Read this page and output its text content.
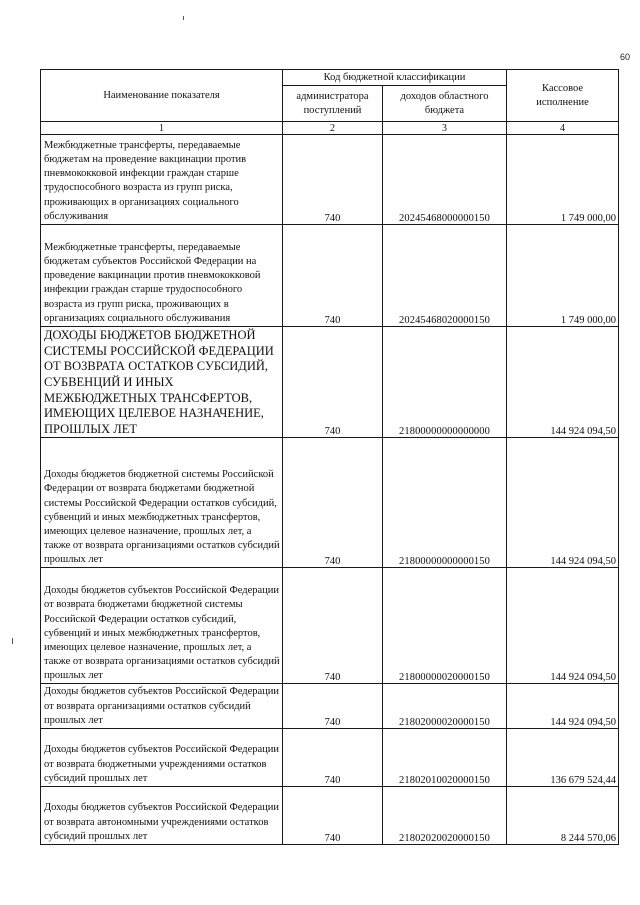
60
Наименование показателя	Код бюджетной классификации		Кассовое исполнение
	администратора поступлений	доходов областного бюджета	
1	2	3	4
Межбюджетные трансферты, передаваемые бюджетам на проведение вакцинации против пневмококковой инфекции граждан старше трудоспособного возраста из групп риска, проживающих в организациях социального обслуживания	740	20245468000000150	1 749 000,00
Межбюджетные трансферты, передаваемые бюджетам субъектов Российской Федерации на проведение вакцинации против пневмококковой инфекции граждан старше трудоспособного возраста из групп риска, проживающих в организациях социального обслуживания	740	20245468020000150	1 749 000,00
ДОХОДЫ БЮДЖЕТОВ БЮДЖЕТНОЙ СИСТЕМЫ РОССИЙСКОЙ ФЕДЕРАЦИИ ОТ ВОЗВРАТА ОСТАТКОВ СУБСИДИЙ, СУБВЕНЦИЙ И ИНЫХ МЕЖБЮДЖЕТНЫХ ТРАНСФЕРТОВ, ИМЕЮЩИХ ЦЕЛЕВОЕ НАЗНАЧЕНИЕ, ПРОШЛЫХ ЛЕТ	740	21800000000000000	144 924 094,50
Доходы бюджетов бюджетной системы Российской Федерации от возврата бюджетами бюджетной системы Российской Федерации остатков субсидий, субвенций и иных межбюджетных трансфертов, имеющих целевое назначение, прошлых лет, а также от возврата организациями остатков субсидий прошлых лет	740	21800000000000150	144 924 094,50
Доходы бюджетов субъектов Российской Федерации от возврата бюджетами бюджетной системы Российской Федерации остатков субсидий, субвенций и иных межбюджетных трансфертов, имеющих целевое назначение, прошлых лет, а также от возврата организациями остатков субсидий прошлых лет	740	21800000020000150	144 924 094,50
Доходы бюджетов субъектов Российской Федерации от возврата организациями остатков субсидий прошлых лет	740	21802000020000150	144 924 094,50
Доходы бюджетов субъектов Российской Федерации от возврата бюджетными учреждениями остатков субсидий прошлых лет	740	21802010020000150	136 679 524,44
Доходы бюджетов субъектов Российской Федерации от возврата автономными учреждениями остатков субсидий прошлых лет	740	21802020020000150	8 244 570,06
